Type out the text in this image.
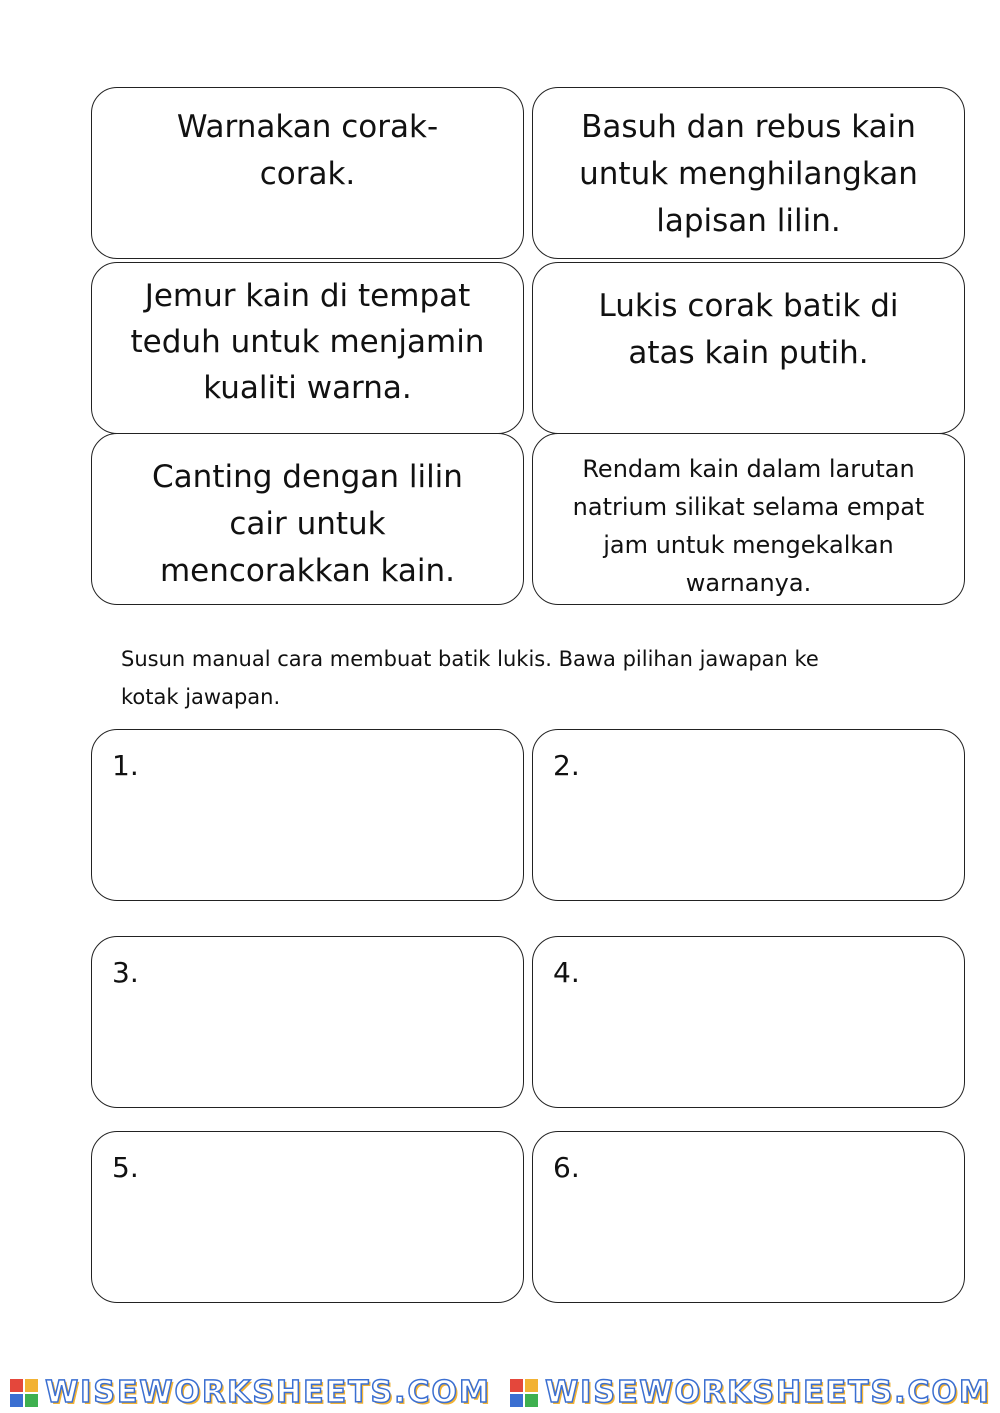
Warnakan corak-
corak.
Basuh dan rebus kain
untuk menghilangkan
lapisan lilin.
Jemur kain di tempat
teduh untuk menjamin
kualiti warna.
Lukis corak batik di
atas kain putih.
Canting dengan lilin
cair untuk
mencorakkan kain.
Rendam kain dalam larutan
natrium silikat selama empat
jam untuk mengekalkan
warnanya.
Susun manual cara membuat batik lukis. Bawa pilihan jawapan ke kotak jawapan.
1.	2.
3.	4.
5.	6.
WISEWORKSHEETS.COM WISEWORKSHEETS.COM
